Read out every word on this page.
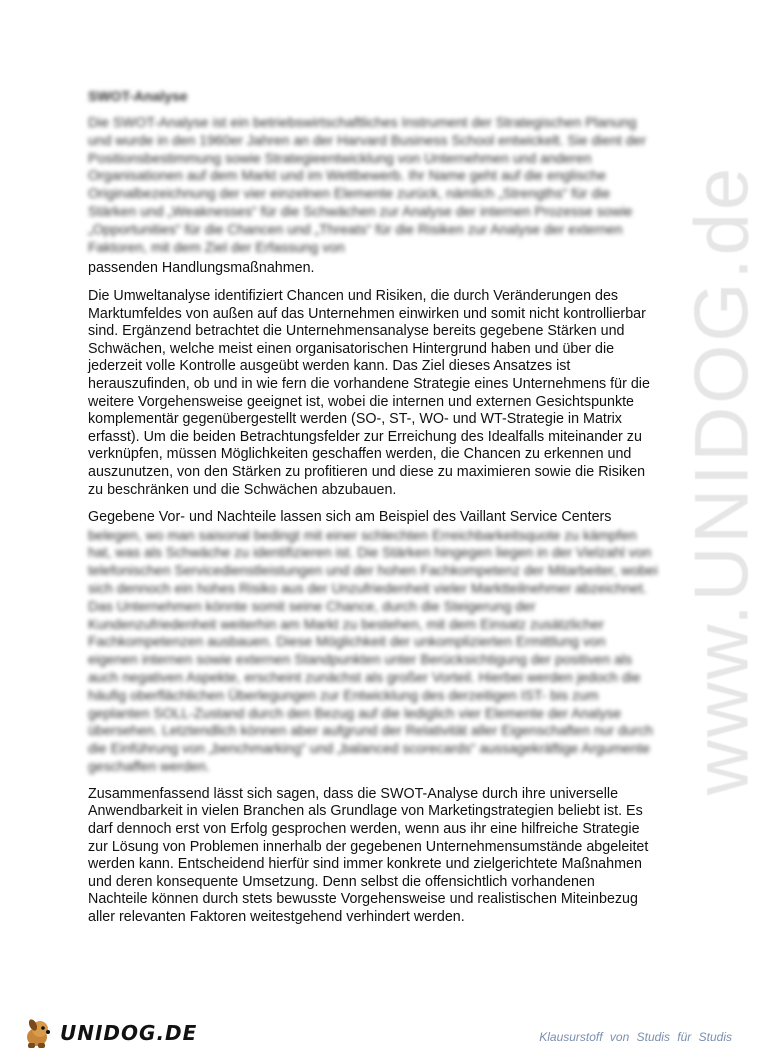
www.UNIDOG.de
SWOT-Analyse

Die SWOT-Analyse ist ein betriebswirtschaftliches Instrument der Strategischen Planung und wurde in den 1960er Jahren an der Harvard Business School entwickelt. Sie dient der Positionsbestimmung sowie Strategieentwicklung von Unternehmen und anderen Organisationen auf dem Markt und im Wettbewerb. Ihr Name geht auf die englische Originalbezeichnung der vier einzelnen Elemente zurück, nämlich „Strengths“ für die Stärken und „Weaknesses“ für die Schwächen zur Analyse der internen Prozesse sowie „Opportunities“ für die Chancen und „Threats“ für die Risiken zur Analyse der externen Faktoren, mit dem Ziel der Erfassung von

passenden Handlungsmaßnahmen.

Die Umweltanalyse identifiziert Chancen und Risiken, die durch Veränderungen des Marktumfeldes von außen auf das Unternehmen einwirken und somit nicht kontrollierbar sind. Ergänzend betrachtet die Unternehmensanalyse bereits gegebene Stärken und Schwächen, welche meist einen organisatorischen Hintergrund haben und über die jederzeit volle Kontrolle ausgeübt werden kann. Das Ziel dieses Ansatzes ist herauszufinden, ob und in wie fern die vorhandene Strategie eines Unternehmens für die weitere Vorgehensweise geeignet ist, wobei die internen und externen Gesichtspunkte komplementär gegenübergestellt werden (SO-, ST-, WO- und WT-Strategie in Matrix erfasst). Um die beiden Betrachtungsfelder zur Erreichung des Idealfalls miteinander zu verknüpfen, müssen Möglichkeiten geschaffen werden, die Chancen zu erkennen und auszunutzen, von den Stärken zu profitieren und diese zu maximieren sowie die Risiken zu beschränken und die Schwächen abzubauen.

Gegebene Vor- und Nachteile lassen sich am Beispiel des Vaillant Service Centers

belegen, wo man saisonal bedingt mit einer schlechten Erreichbarkeitsquote zu kämpfen hat, was als Schwäche zu identifizieren ist. Die Stärken hingegen liegen in der Vielzahl von telefonischen Servicedienstleistungen und der hohen Fachkompetenz der Mitarbeiter, wobei sich dennoch ein hohes Risiko aus der Unzufriedenheit vieler Marktteilnehmer abzeichnet. Das Unternehmen könnte somit seine Chance, durch die Steigerung der Kundenzufriedenheit weiterhin am Markt zu bestehen, mit dem Einsatz zusätzlicher Fachkompetenzen ausbauen. Diese Möglichkeit der unkomplizierten Ermittlung von eigenen internen sowie externen Standpunkten unter Berücksichtigung der positiven als auch negativen Aspekte, erscheint zunächst als großer Vorteil. Hierbei werden jedoch die häufig oberflächlichen Überlegungen zur Entwicklung des derzeitigen IST- bis zum geplanten SOLL-Zustand durch den Bezug auf die lediglich vier Elemente der Analyse übersehen. Letztendlich können aber aufgrund der Relativität aller Eigenschaften nur durch die Einführung von „benchmarking“ und „balanced scorecards“ aussagekräftige Argumente geschaffen werden.

Zusammenfassend lässt sich sagen, dass die SWOT-Analyse durch ihre universelle Anwendbarkeit in vielen Branchen als Grundlage von Marketingstrategien beliebt ist. Es darf dennoch erst von Erfolg gesprochen werden, wenn aus ihr eine hilfreiche Strategie zur Lösung von Problemen innerhalb der gegebenen Unternehmensumstände abgeleitet werden kann. Entscheidend hierfür sind immer konkrete und zielgerichtete Maßnahmen und deren konsequente Umsetzung. Denn selbst die offensichtlich vorhandenen Nachteile können durch stets bewusste Vorgehensweise und realistischen Miteinbezug aller relevanten Faktoren weitestgehend verhindert werden.

UNIDOG.DE	Klausurstoff von Studis für Studis
